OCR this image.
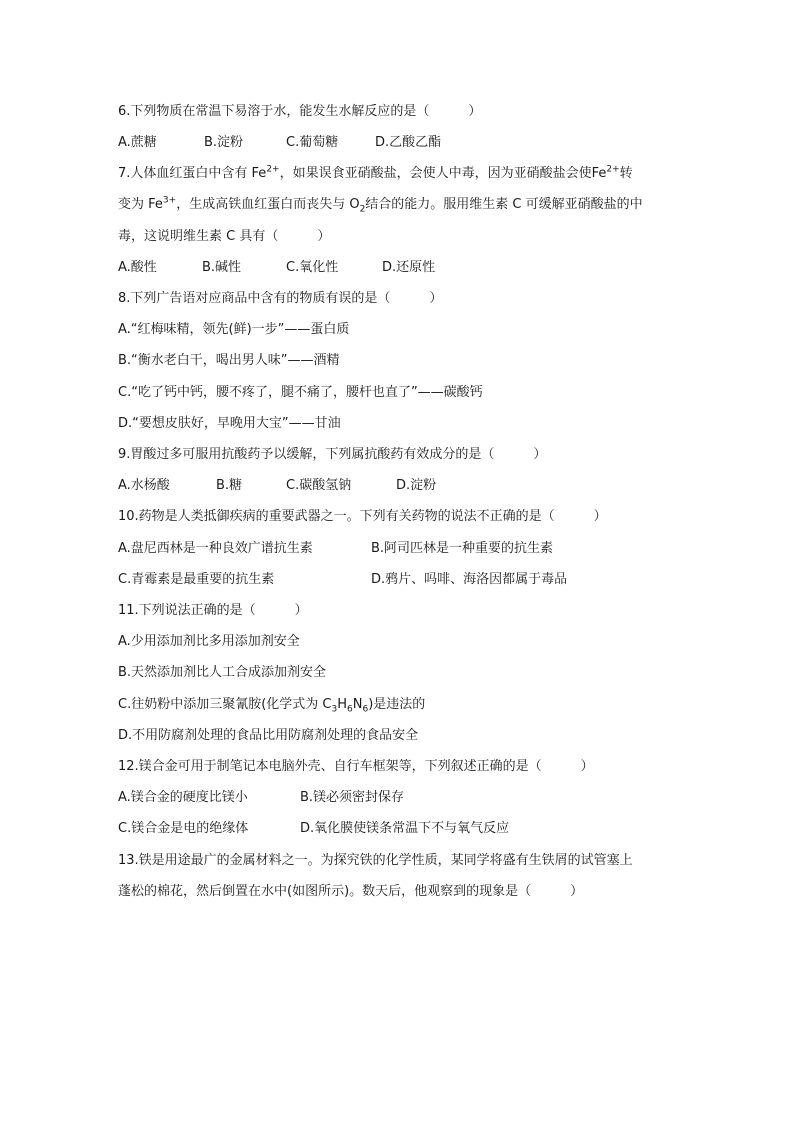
6.下列物质在常温下易溶于水，能发生水解反应的是（　　　）
A.蔗糖	B.淀粉	C.葡萄糖	D.乙酸乙酯
7.人体血红蛋白中含有 $Fe^{2+}$，如果误食亚硝酸盐，会使人中毒，因为亚硝酸盐会使$Fe^{2+}$转
变为 $Fe^{3+}$，生成高铁血红蛋白而丧失与 $O_2$结合的能力。服用维生素 C 可缓解亚硝酸盐的中
毒，这说明维生素 C 具有（　　　）
A.酸性	B.碱性	C.氧化性	D.还原性
8.下列广告语对应商品中含有的物质有误的是（　　　）
A.“红梅味精，领先(鲜)一步”——蛋白质
B.“衡水老白干，喝出男人味”——酒精
C.“吃了钙中钙，腰不疼了，腿不痛了，腰杆也直了”——碳酸钙
D.“要想皮肤好，早晚用大宝”——甘油
9.胃酸过多可服用抗酸药予以缓解，下列属抗酸药有效成分的是（　　　）
A.水杨酸	B.糖	C.碳酸氢钠	D.淀粉
10.药物是人类抵御疾病的重要武器之一。下列有关药物的说法不正确的是（　　　）
A.盘尼西林是一种良效广谱抗生素	B.阿司匹林是一种重要的抗生素
C.青霉素是最重要的抗生素	D.鸦片、吗啡、海洛因都属于毒品
11.下列说法正确的是（　　　）
A.少用添加剂比多用添加剂安全
B.天然添加剂比人工合成添加剂安全
C.往奶粉中添加三聚氰胺(化学式为 $C_3H_6N_6$)是违法的
D.不用防腐剂处理的食品比用防腐剂处理的食品安全
12.镁合金可用于制笔记本电脑外壳、自行车框架等，下列叙述正确的是（　　　）
A.镁合金的硬度比镁小	B.镁必须密封保存
C.镁合金是电的绝缘体	D.氧化膜使镁条常温下不与氧气反应
13.铁是用途最广的金属材料之一。为探究铁的化学性质，某同学将盛有生铁屑的试管塞上
蓬松的棉花，然后倒置在水中(如图所示)。数天后，他观察到的现象是（　　　）
